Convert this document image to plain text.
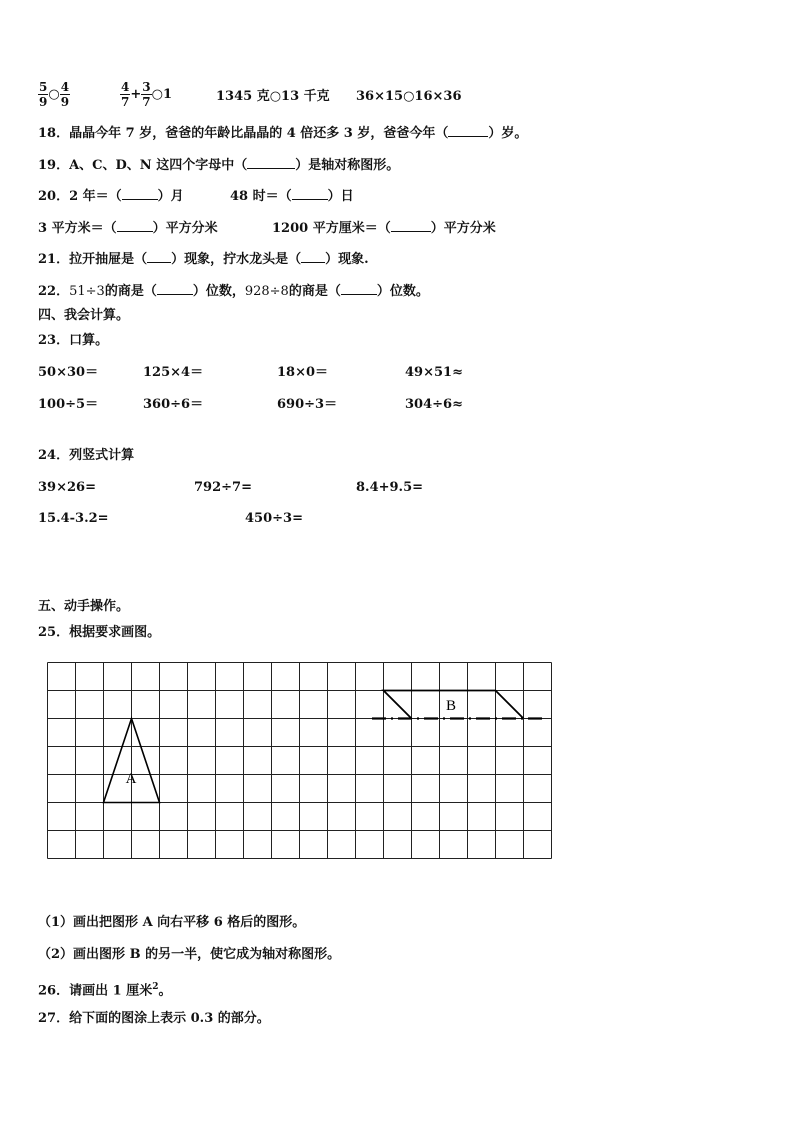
$\frac{5}{9}$ ○ $\frac{4}{9}$	$\frac{4}{7} + \frac{3}{7}$ ○1	1345 克○13 千克 36×15○16×36
18．晶晶今年 7 岁，爸爸的年龄比晶晶的 4 倍还多 3 岁，爸爸今年（	）岁。
19．A、C、D、N 这四个字母中（	）是轴对称图形。
20．2 年＝（	）月	48 时＝（	）日
3 平方米＝（	）平方分米	1200 平方厘米＝（	）平方分米
21．拉开抽屉是（ ）现象，拧水龙头是（ ）现象.
22．51÷3的商是（	）位数，928÷8的商是（	）位数。
四、我会计算。
23．口算。
50×30＝	125×4＝	18×0＝	49×51≈
100÷5＝	360÷6＝	690÷3＝	304÷6≈
24．列竖式计算
39×26=	792÷7=	8.4+9.5=
15.4-3.2=	450÷3=
五、动手操作。
25．根据要求画图。
A
B
（1）画出把图形 A 向右平移 6 格后的图形。
（2）画出图形 B 的另一半，使它成为轴对称图形。
26．请画出 1 厘米$^2$。
27．给下面的图涂上表示 0.3 的部分。
